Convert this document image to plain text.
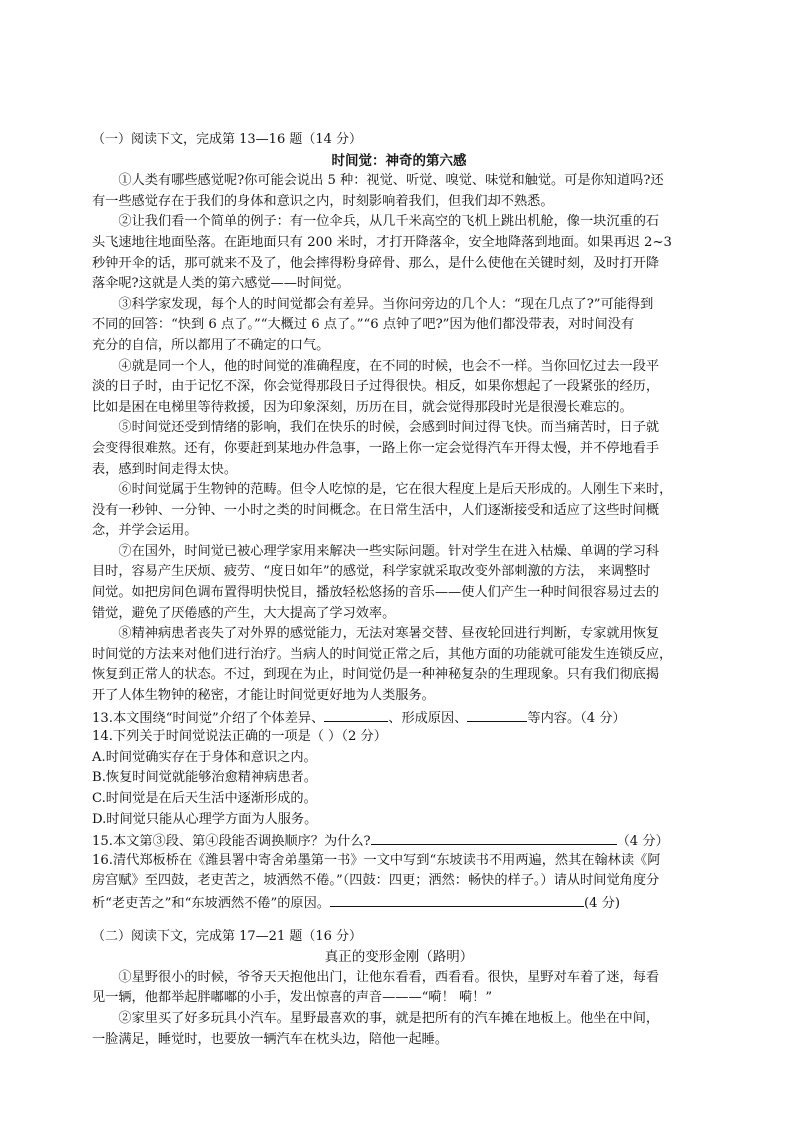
（一）阅读下文，完成第 13—16 题（14 分）
时间觉：神奇的第六感
①人类有哪些感觉呢?你可能会说出 5 种：视觉、听觉、嗅觉、味觉和触觉。可是你知道吗?还
有一些感觉存在于我们的身体和意识之内，时刻影响着我们，但我们却不熟悉。
②让我们看一个简单的例子：有一位伞兵，从几千米高空的飞机上跳出机舱，像一块沉重的石
头飞速地往地面坠落。在距地面只有 200 米时，才打开降落伞，安全地降落到地面。如果再迟 2~3
秒钟开伞的话，那可就来不及了，他会摔得粉身碎骨、那么，是什么使他在关键时刻，及时打开降
落伞呢?这就是人类的第六感觉——时间觉。
③科学家发现，每个人的时间觉都会有差异。当你问旁边的几个人：“现在几点了?”可能得到
不同的回答：“快到 6 点了。”“大概过 6 点了。”“6 点钟了吧?”因为他们都没带表，对时间没有
充分的自信，所以都用了不确定的口气。
④就是同一个人，他的时间觉的准确程度，在不同的时候，也会不一样。当你回忆过去一段平
淡的日子时，由于记忆不深，你会觉得那段日子过得很快。相反，如果你想起了一段紧张的经历，
比如是困在电梯里等待救援，因为印象深刻，历历在目，就会觉得那段时光是很漫长难忘的。
⑤时间觉还受到情绪的影响，我们在快乐的时候，会感到时间过得飞快。而当痛苦时，日子就
会变得很难熬。还有，你要赶到某地办件急事，一路上你一定会觉得汽车开得太慢，并不停地看手
表，感到时间走得太快。
⑥时间觉属于生物钟的范畴。但令人吃惊的是，它在很大程度上是后天形成的。人刚生下来时，
没有一秒钟、一分钟、一小时之类的时间概念。在日常生活中，人们逐渐接受和适应了这些时间概
念，并学会运用。
⑦在国外，时间觉已被心理学家用来解决一些实际问题。针对学生在进入枯燥、单调的学习科
目时，容易产生厌烦、疲劳、“度日如年”的感觉，科学家就采取改变外部刺激的方法， 来调整时
间觉。如把房间色调布置得明快悦目，播放轻松悠扬的音乐——使人们产生一种时间很容易过去的
错觉，避免了厌倦感的产生，大大提高了学习效率。
⑧精神病患者丧失了对外界的感觉能力，无法对寒暑交替、昼夜轮回进行判断，专家就用恢复
时间觉的方法来对他们进行治疗。当病人的时间觉正常之后，其他方面的功能就可能发生连锁反应，
恢复到正常人的状态。不过，到现在为止，时间觉仍是一种神秘复杂的生理现象。只有我们彻底揭
开了人体生物钟的秘密，才能让时间觉更好地为人类服务。
13.本文围绕“时间觉”介绍了个体差异、	、形成原因、	等内容。（4 分）
14.下列关于时间觉说法正确的一项是（ ）（2 分）
A.时间觉确实存在于身体和意识之内。
B.恢复时间觉就能够治愈精神病患者。
C.时间觉是在后天生活中逐渐形成的。
D.时间觉只能从心理学方面为人服务。
15.本文第③段、第④段能否调换顺序？为什么?	（4 分）
16.清代郑板桥在《潍县署中寄舍弟墨第一书》一文中写到“东坡读书不用两遍，然其在翰林读《阿
房宫赋》至四鼓，老吏苦之，坡洒然不倦。”（四鼓：四更；洒然：畅快的样子。）请从时间觉角度分
析“老吏苦之”和“东坡洒然不倦”的原因。	(4 分)
（二）阅读下文，完成第 17—21 题（16 分）
真正的变形金刚（路明）
①星野很小的时候，爷爷天天抱他出门，让他东看看，西看看。很快，星野对车着了迷，每看
见一辆，他都举起胖嘟嘟的小手，发出惊喜的声音———“嗬！ 嗬！”
②家里买了好多玩具小汽车。星野最喜欢的事，就是把所有的汽车摊在地板上。他坐在中间，
一脸满足，睡觉时，也要放一辆汽车在枕头边，陪他一起睡。
